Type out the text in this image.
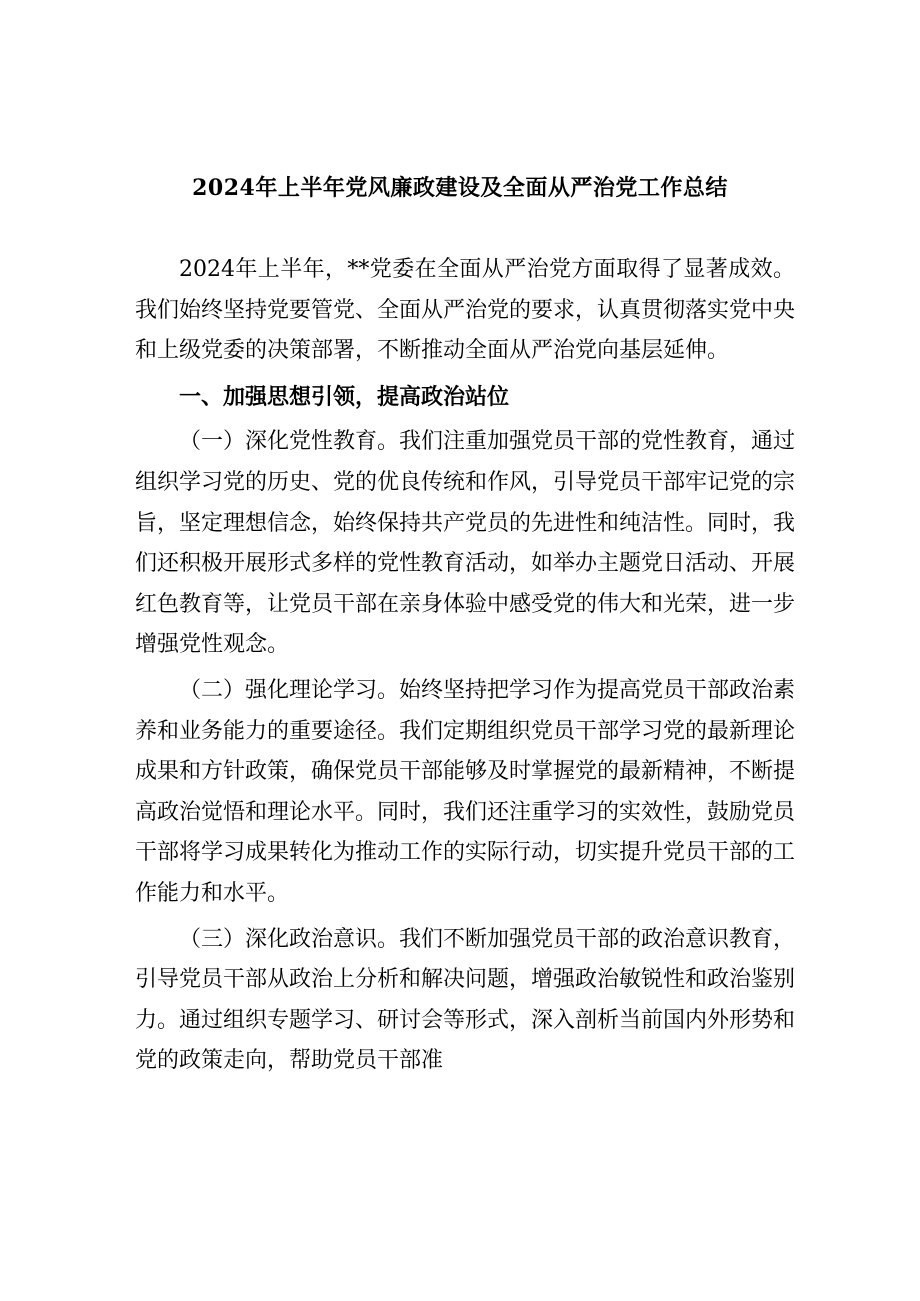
2024年上半年党风廉政建设及全面从严治党工作总结

2024年上半年，**党委在全面从严治党方面取得了显著成效。我们始终坚持党要管党、全面从严治党的要求，认真贯彻落实党中央和上级党委的决策部署，不断推动全面从严治党向基层延伸。

一、加强思想引领，提高政治站位

（一）深化党性教育。我们注重加强党员干部的党性教育，通过组织学习党的历史、党的优良传统和作风，引导党员干部牢记党的宗旨，坚定理想信念，始终保持共产党员的先进性和纯洁性。同时，我们还积极开展形式多样的党性教育活动，如举办主题党日活动、开展红色教育等，让党员干部在亲身体验中感受党的伟大和光荣，进一步增强党性观念。

（二）强化理论学习。始终坚持把学习作为提高党员干部政治素养和业务能力的重要途径。我们定期组织党员干部学习党的最新理论成果和方针政策，确保党员干部能够及时掌握党的最新精神，不断提高政治觉悟和理论水平。同时，我们还注重学习的实效性，鼓励党员干部将学习成果转化为推动工作的实际行动，切实提升党员干部的工作能力和水平。

（三）深化政治意识。我们不断加强党员干部的政治意识教育，引导党员干部从政治上分析和解决问题，增强政治敏锐性和政治鉴别力。通过组织专题学习、研讨会等形式，深入剖析当前国内外形势和党的政策走向，帮助党员干部准
